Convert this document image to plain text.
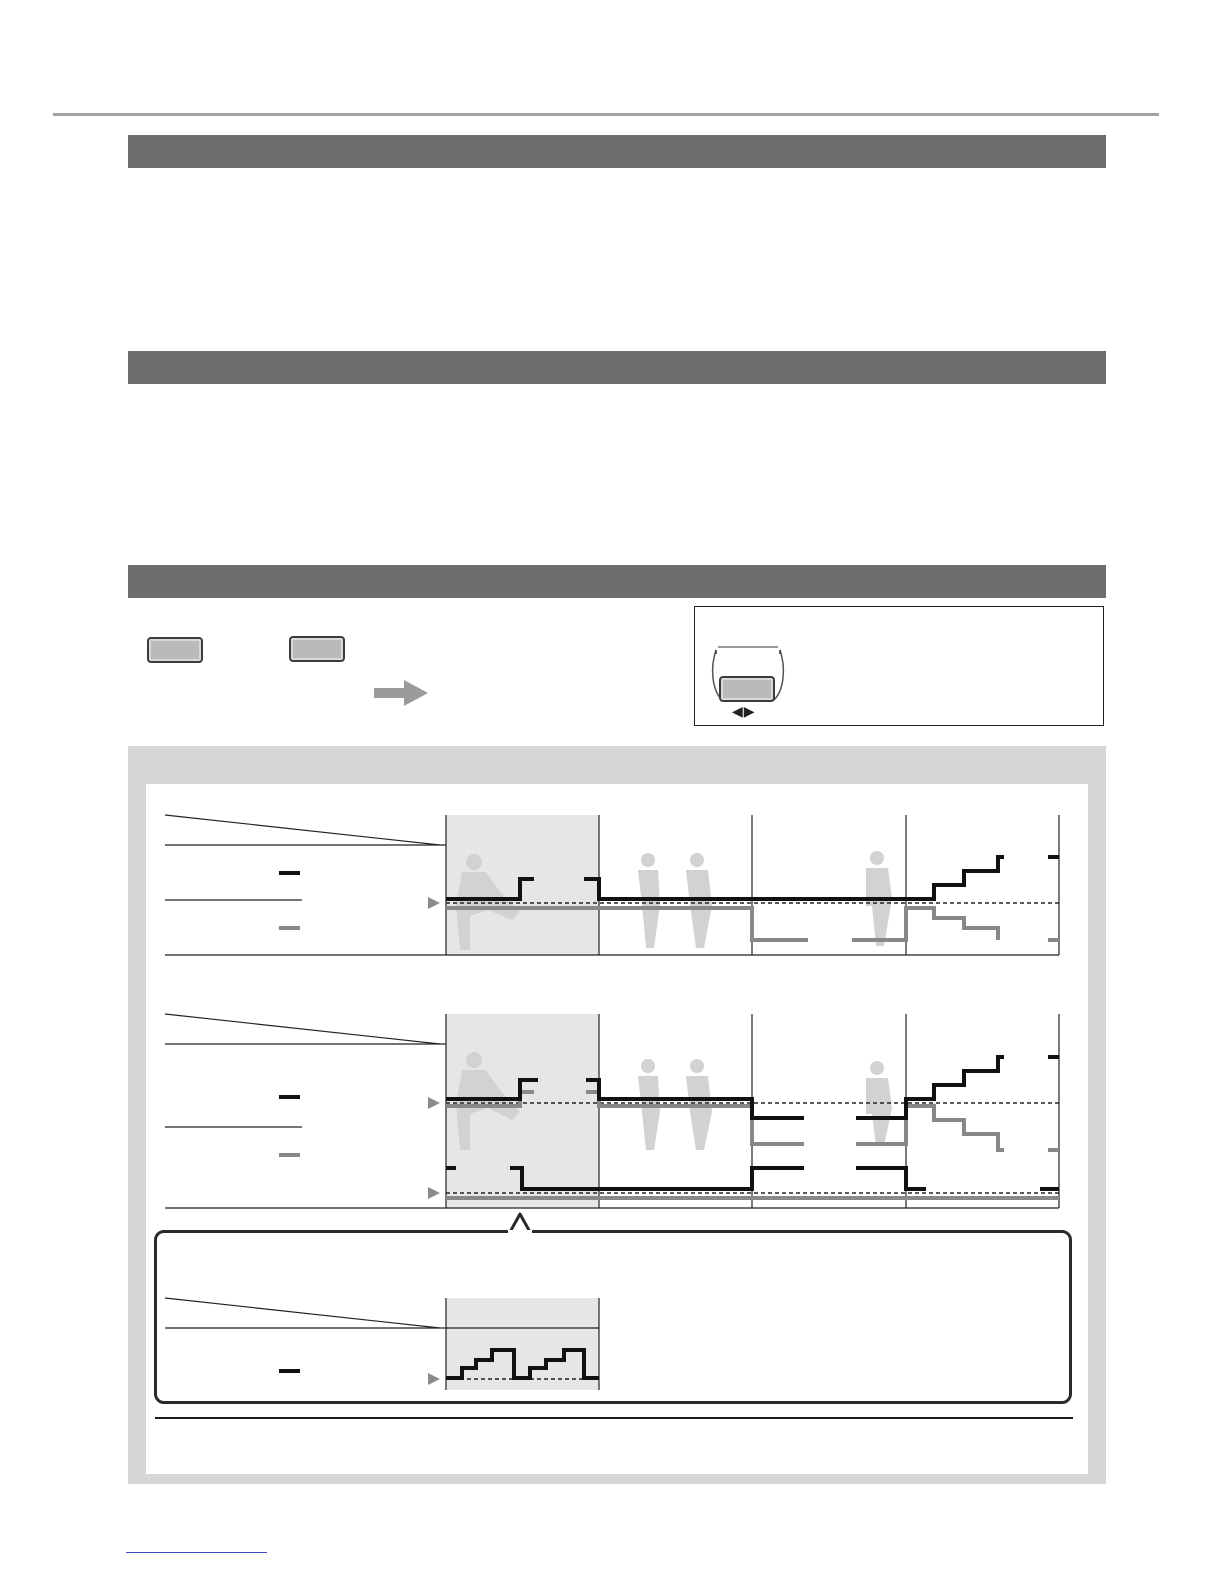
◀▶
